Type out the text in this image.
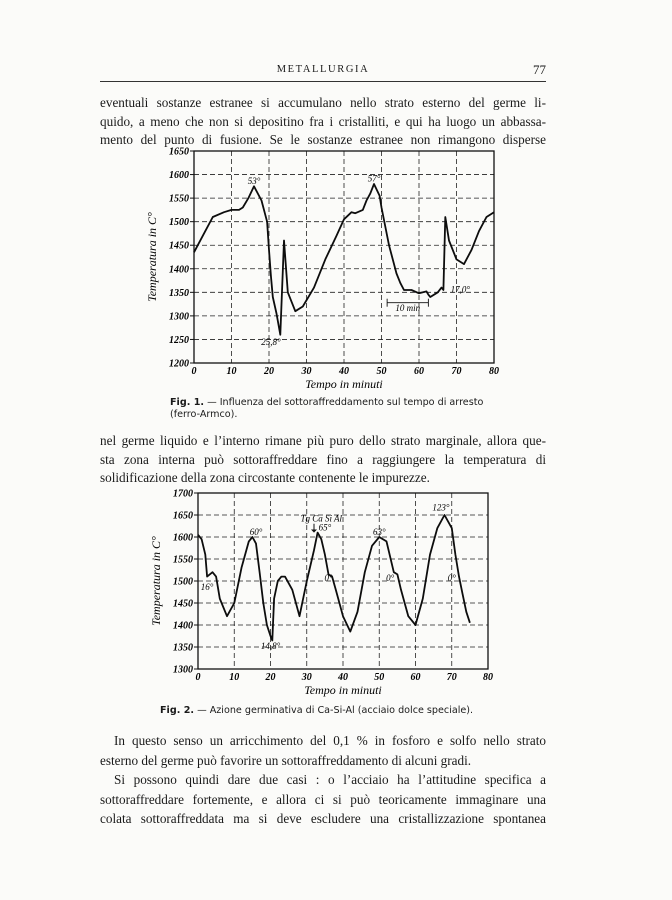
METALLURGIA	77

eventuali sostanze estranee si accumulano nello strato esterno del germe li-

quido, a meno che non si depositino fra i cristalliti, e qui ha luogo un abbassa-

mento del punto di fusione. Se le sostanze estranee non rimangono disperse

0	10	20	30	40	50	60	70	80
1650
1600
1550
1500
1450
1400
1350
1300
1250
1200
Tempo in minuti
Temperatura in C°
53°
25,8°
57°
10 min
17,0°
Fig. 1. — Influenza del sottoraffreddamento sul tempo di arresto
(ferro-Armco).

nel germe liquido e l’interno rimane più puro dello strato marginale, allora que-

sta zona interna può sottoraffreddare fino a raggiungere la temperatura di

solidificazione della zona circostante contenente le impurezze.

0	10	20	30	40	50	60	70	80
1700
1650
1600
1550
1500
1450
1400
1350
1300
Tempo in minuti
Temperatura in C°	16°
60°
14,8°
Tg Ca Si Al
65°
0°
63°
0°
123°
0°
Fig. 2. — Azione germinativa di Ca-Si-Al (acciaio dolce speciale).

In questo senso un arricchimento del 0,1 % in fosforo e solfo nello strato

esterno del germe può favorire un sottoraffreddamento di alcuni gradi.

Si possono quindi dare due casi : o l’acciaio ha l’attitudine specifica a

sottoraffreddare fortemente, e allora ci si può teoricamente immaginare una

colata sottoraffreddata ma si deve escludere una cristallizzazione spontanea
